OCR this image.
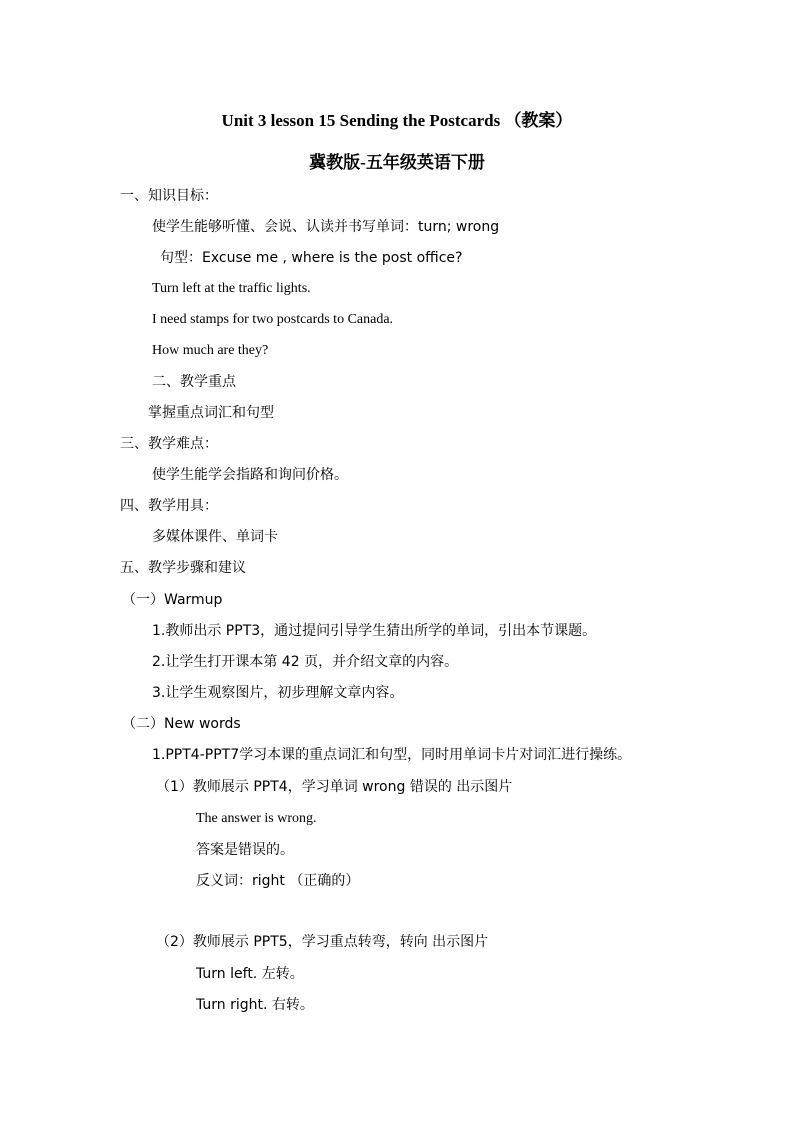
Unit 3 lesson 15 Sending the Postcards （教案）
冀教版-五年级英语下册
一、知识目标：
使学生能够听懂、会说、认读并书写单词：turn; wrong
句型：Excuse me , where is the post office?
Turn left at the traffic lights.
I need stamps for two postcards to Canada.
How much are they?
二、教学重点
掌握重点词汇和句型
三、教学难点：
使学生能学会指路和询问价格。
四、教学用具：
多媒体课件、单词卡
五、教学步骤和建议
（一）Warmup
1.教师出示 PPT3，通过提问引导学生猜出所学的单词，引出本节课题。
2.让学生打开课本第 42 页，并介绍文章的内容。
3.让学生观察图片，初步理解文章内容。
（二）New words
1.PPT4-PPT7学习本课的重点词汇和句型，同时用单词卡片对词汇进行操练。
（1）教师展示 PPT4，学习单词 wrong 错误的 出示图片
The answer is wrong.
答案是错误的。
反义词：right （正确的）
（2）教师展示 PPT5，学习重点转弯，转向 出示图片
Turn left. 左转。
Turn right. 右转。
